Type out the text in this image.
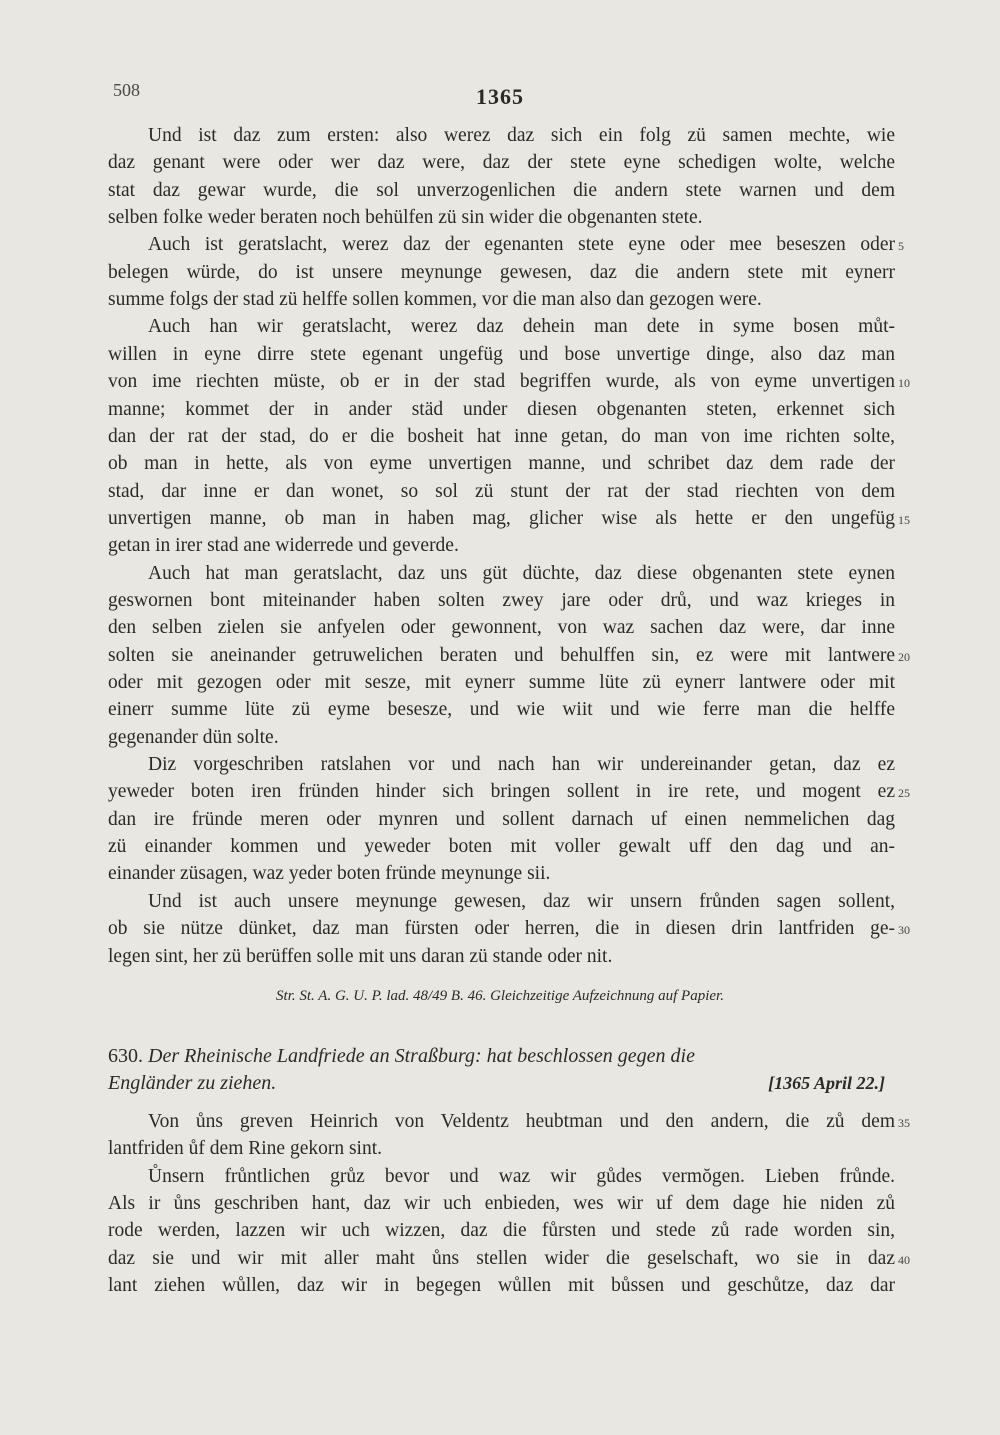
508	1365
Und ist daz zum ersten: also werez daz sich ein folg zü samen mechte, wie
daz genant were oder wer daz were, daz der stete eyne schedigen wolte, welche
stat daz gewar wurde, die sol unverzogenlichen die andern stete warnen und dem
selben folke weder beraten noch behülfen zü sin wider die obgenanten stete.
Auch ist geratslacht, werez daz der egenanten stete eyne oder mee beseszen oder 5
belegen würde, do ist unsere meynunge gewesen, daz die andern stete mit eynerr
summe folgs der stad zü helffe sollen kommen, vor die man also dan gezogen were.
Auch han wir geratslacht, werez daz dehein man dete in syme bosen můt-
willen in eyne dirre stete egenant ungefüg und bose unvertige dinge, also daz man
von ime riechten müste, ob er in der stad begriffen wurde, als von eyme unvertigen 10
manne; kommet der in ander städ under diesen obgenanten steten, erkennet sich
dan der rat der stad, do er die bosheit hat inne getan, do man von ime richten solte,
ob man in hette, als von eyme unvertigen manne, und schribet daz dem rade der
stad, dar inne er dan wonet, so sol zü stunt der rat der stad riechten von dem
unvertigen manne, ob man in haben mag, glicher wise als hette er den ungefüg 15
getan in irer stad ane widerrede und geverde.
Auch hat man geratslacht, daz uns güt düchte, daz diese obgenanten stete eynen
geswornen bont miteinander haben solten zwey jare oder drů, und waz krieges in
den selben zielen sie anfyelen oder gewonnent, von waz sachen daz were, dar inne
solten sie aneinander getruwelichen beraten und behulffen sin, ez were mit lantwere 20
oder mit gezogen oder mit sesze, mit eynerr summe lüte zü eynerr lantwere oder mit
einerr summe lüte zü eyme besesze, und wie wiit und wie ferre man die helffe
gegenander dün solte.
Diz vorgeschriben ratslahen vor und nach han wir undereinander getan, daz ez
yeweder boten iren fründen hinder sich bringen sollent in ire rete, und mogent ez 25
dan ire fründe meren oder mynren und sollent darnach uf einen nemmelichen dag
zü einander kommen und yeweder boten mit voller gewalt uff den dag und an-
einander züsagen, waz yeder boten fründe meynunge sii.
Und ist auch unsere meynunge gewesen, daz wir unsern frůnden sagen sollent,
ob sie nütze dünket, daz man fürsten oder herren, die in diesen drin lantfriden ge- 30
legen sint, her zü berüffen solle mit uns daran zü stande oder nit.
Str. St. A. G. U. P. lad. 48/49 B. 46. Gleichzeitige Aufzeichnung auf Papier.
630. Der Rheinische Landfriede an Straßburg: hat beschlossen gegen die
Engländer zu ziehen.	[1365 April 22.]
Von ůns greven Heinrich von Veldentz heubtman und den andern, die zů dem 35
lantfriden ůf dem Rine gekorn sint.
Ůnsern frůntlichen grůz bevor und waz wir gůdes vermŏgen. Lieben frůnde.
Als ir ůns geschriben hant, daz wir uch enbieden, wes wir uf dem dage hie niden zů
rode werden, lazzen wir uch wizzen, daz die fůrsten und stede zů rade worden sin,
daz sie und wir mit aller maht ůns stellen wider die geselschaft, wo sie in daz 40
lant ziehen wůllen, daz wir in begegen wůllen mit bůssen und geschůtze, daz dar
